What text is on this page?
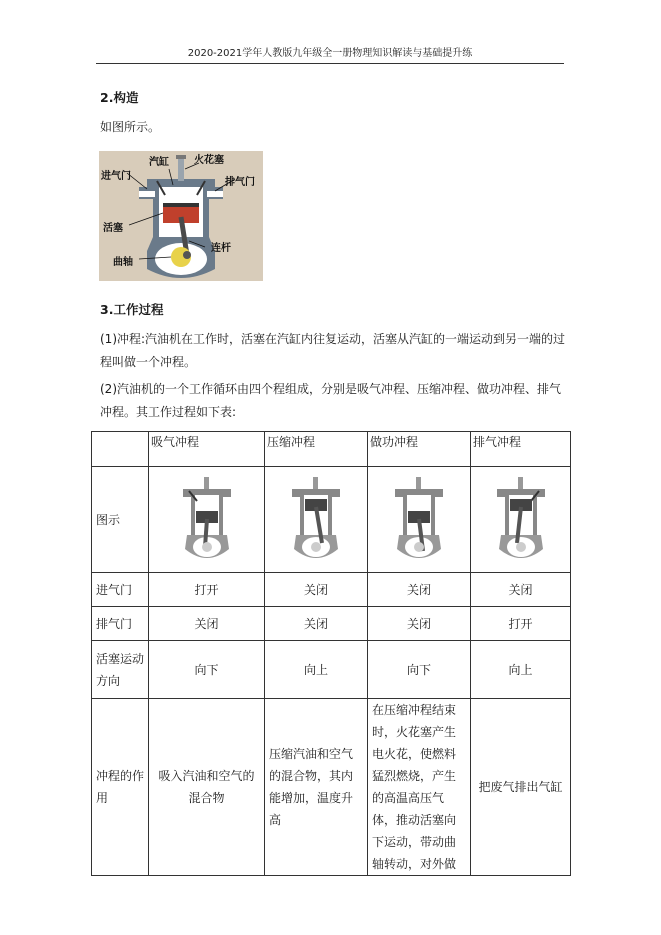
2020-2021学年人教版九年级全一册物理知识解读与基础提升练
2.构造
如图所示。
汽缸	火花塞
进气门
排气门
活塞
连杆
曲轴
3.工作过程
(1)冲程:汽油机在工作时，活塞在汽缸内往复运动，活塞从汽缸的一端运动到另一端的过程叫做一个冲程。
(2)汽油机的一个工作循环由四个程组成，分别是吸气冲程、压缩冲程、做功冲程、排气冲程。其工作过程如下表:
	吸气冲程	压缩冲程	做功冲程	排气冲程
图示	

进气门	打开	关闭	关闭	关闭
排气门	关闭	关闭	关闭	打开
活塞运动方向	向下	向上	向下	向上
冲程的作用	吸入汽油和空气的混合物	压缩汽油和空气的混合物，其内能增加，温度升高	在压缩冲程结束时，火花塞产生电火花，使燃料猛烈燃烧，产生的高温高压气体，推动活塞向下运动，带动曲轴转动，对外做	把废气排出气缸
